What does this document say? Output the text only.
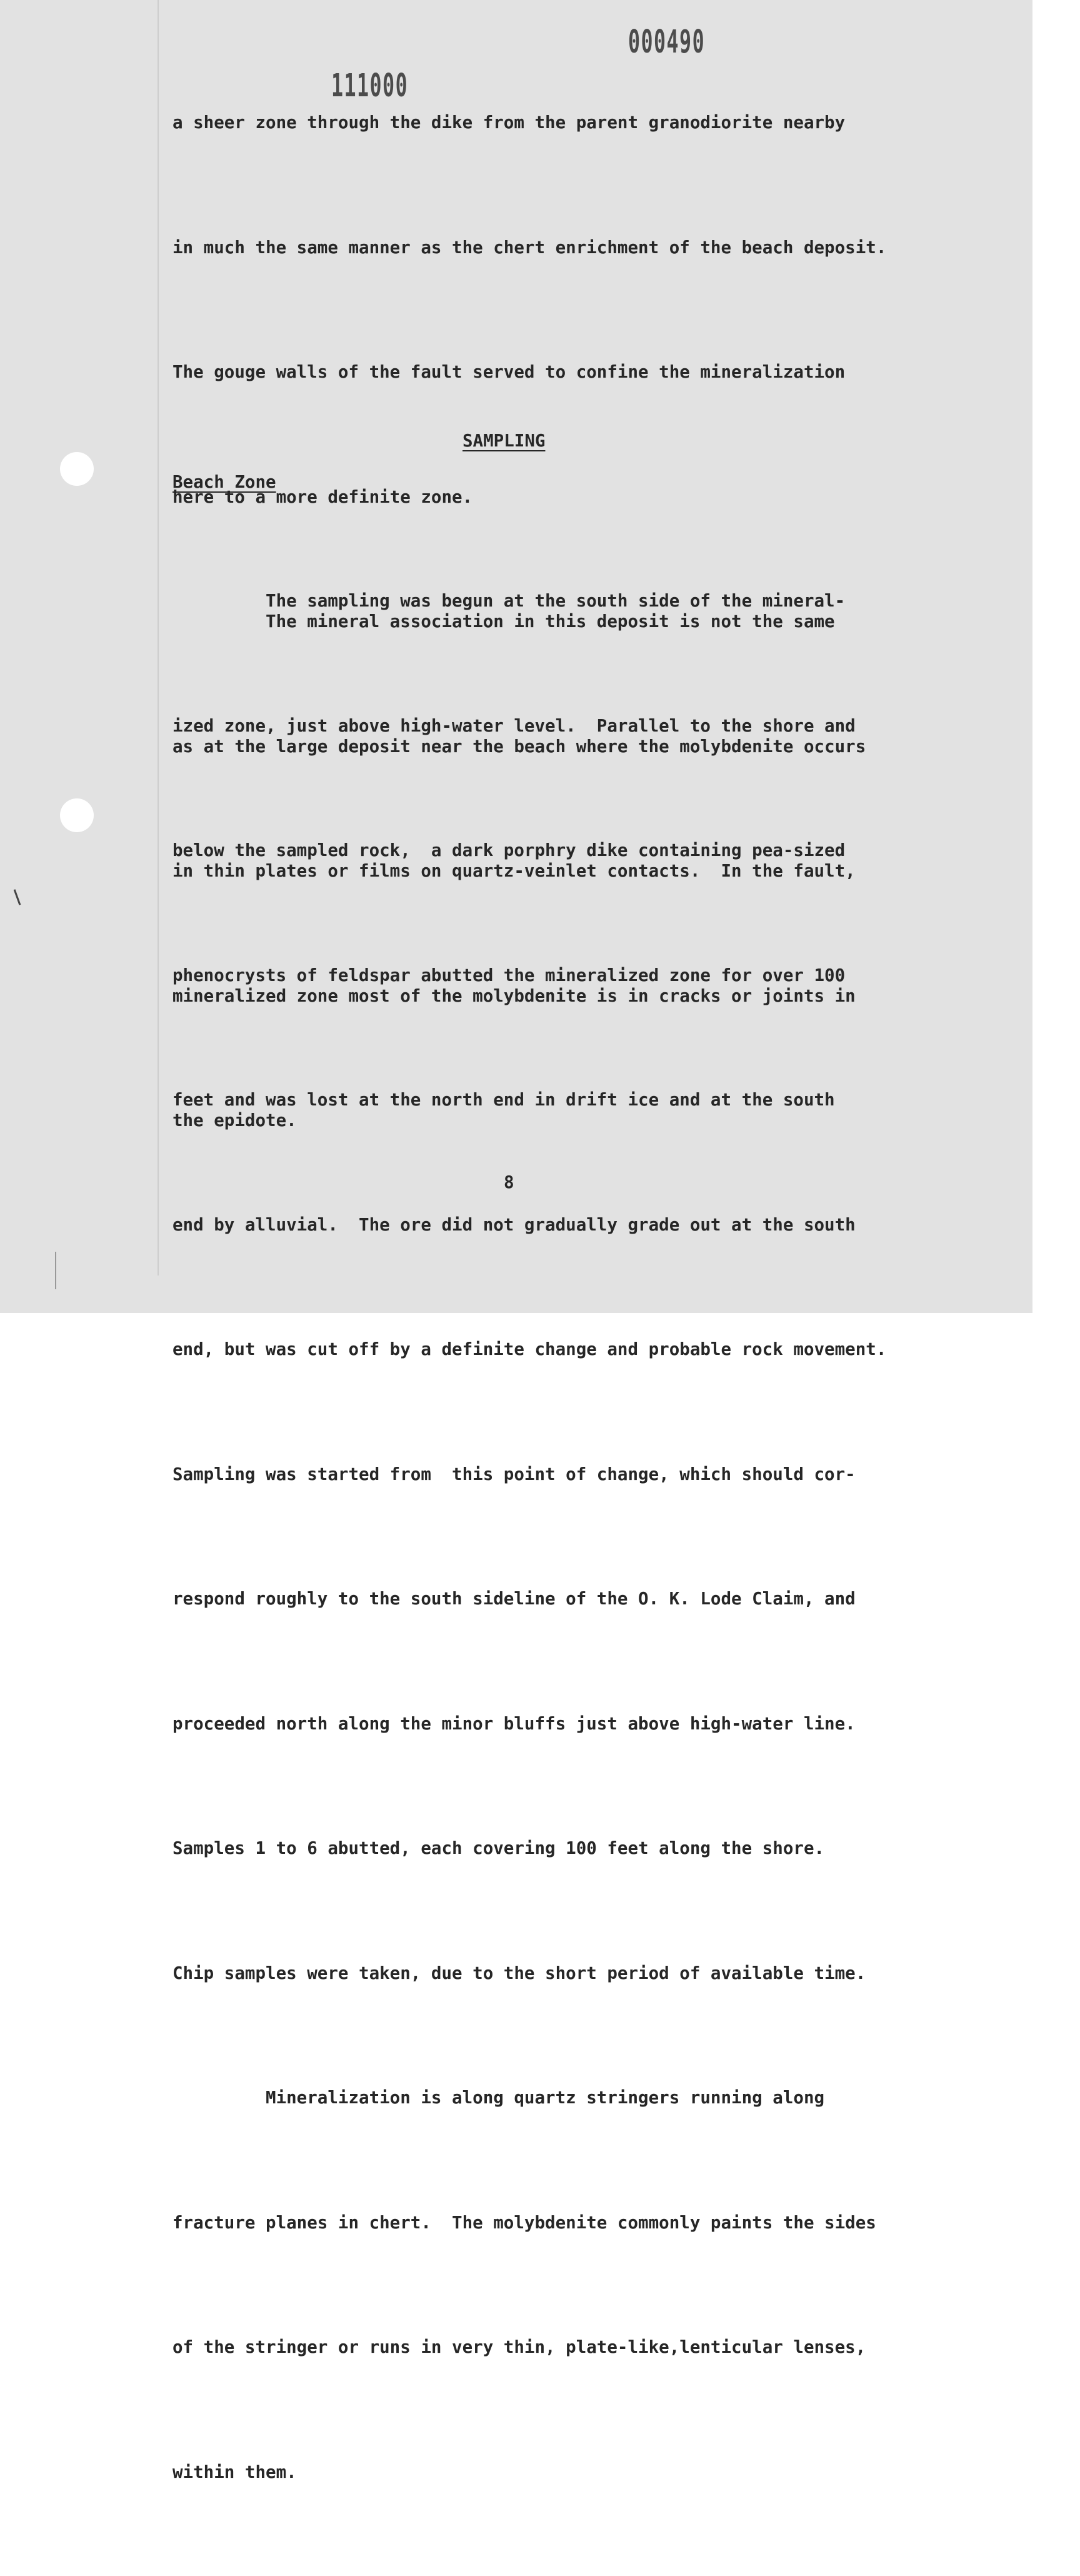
000490
111000

a sheer zone through the dike from the parent granodiorite nearby

in much the same manner as the chert enrichment of the beach deposit.

The gouge walls of the fault served to confine the mineralization

here to a more definite zone.

The mineral association in this deposit is not the same

as at the large deposit near the beach where the molybdenite occurs

in thin plates or films on quartz-veinlet contacts.  In the fault,

mineralized zone most of the molybdenite is in cracks or joints in

the epidote.

SAMPLING
Beach Zone

The sampling was begun at the south side of the mineral-

ized zone, just above high-water level.  Parallel to the shore and

below the sampled rock,  a dark porphry dike containing pea-sized

phenocrysts of feldspar abutted the mineralized zone for over 100

feet and was lost at the north end in drift ice and at the south

end by alluvial.  The ore did not gradually grade out at the south

end, but was cut off by a definite change and probable rock movement.

Sampling was started from  this point of change, which should cor-

respond roughly to the south sideline of the O. K. Lode Claim, and

proceeded north along the minor bluffs just above high-water line.

Samples 1 to 6 abutted, each covering 100 feet along the shore.

Chip samples were taken, due to the short period of available time.

Mineralization is along quartz stringers running along

fracture planes in chert.  The molybdenite commonly paints the sides

of the stringer or runs in very thin, plate-like,lenticular lenses,

within them.

8
